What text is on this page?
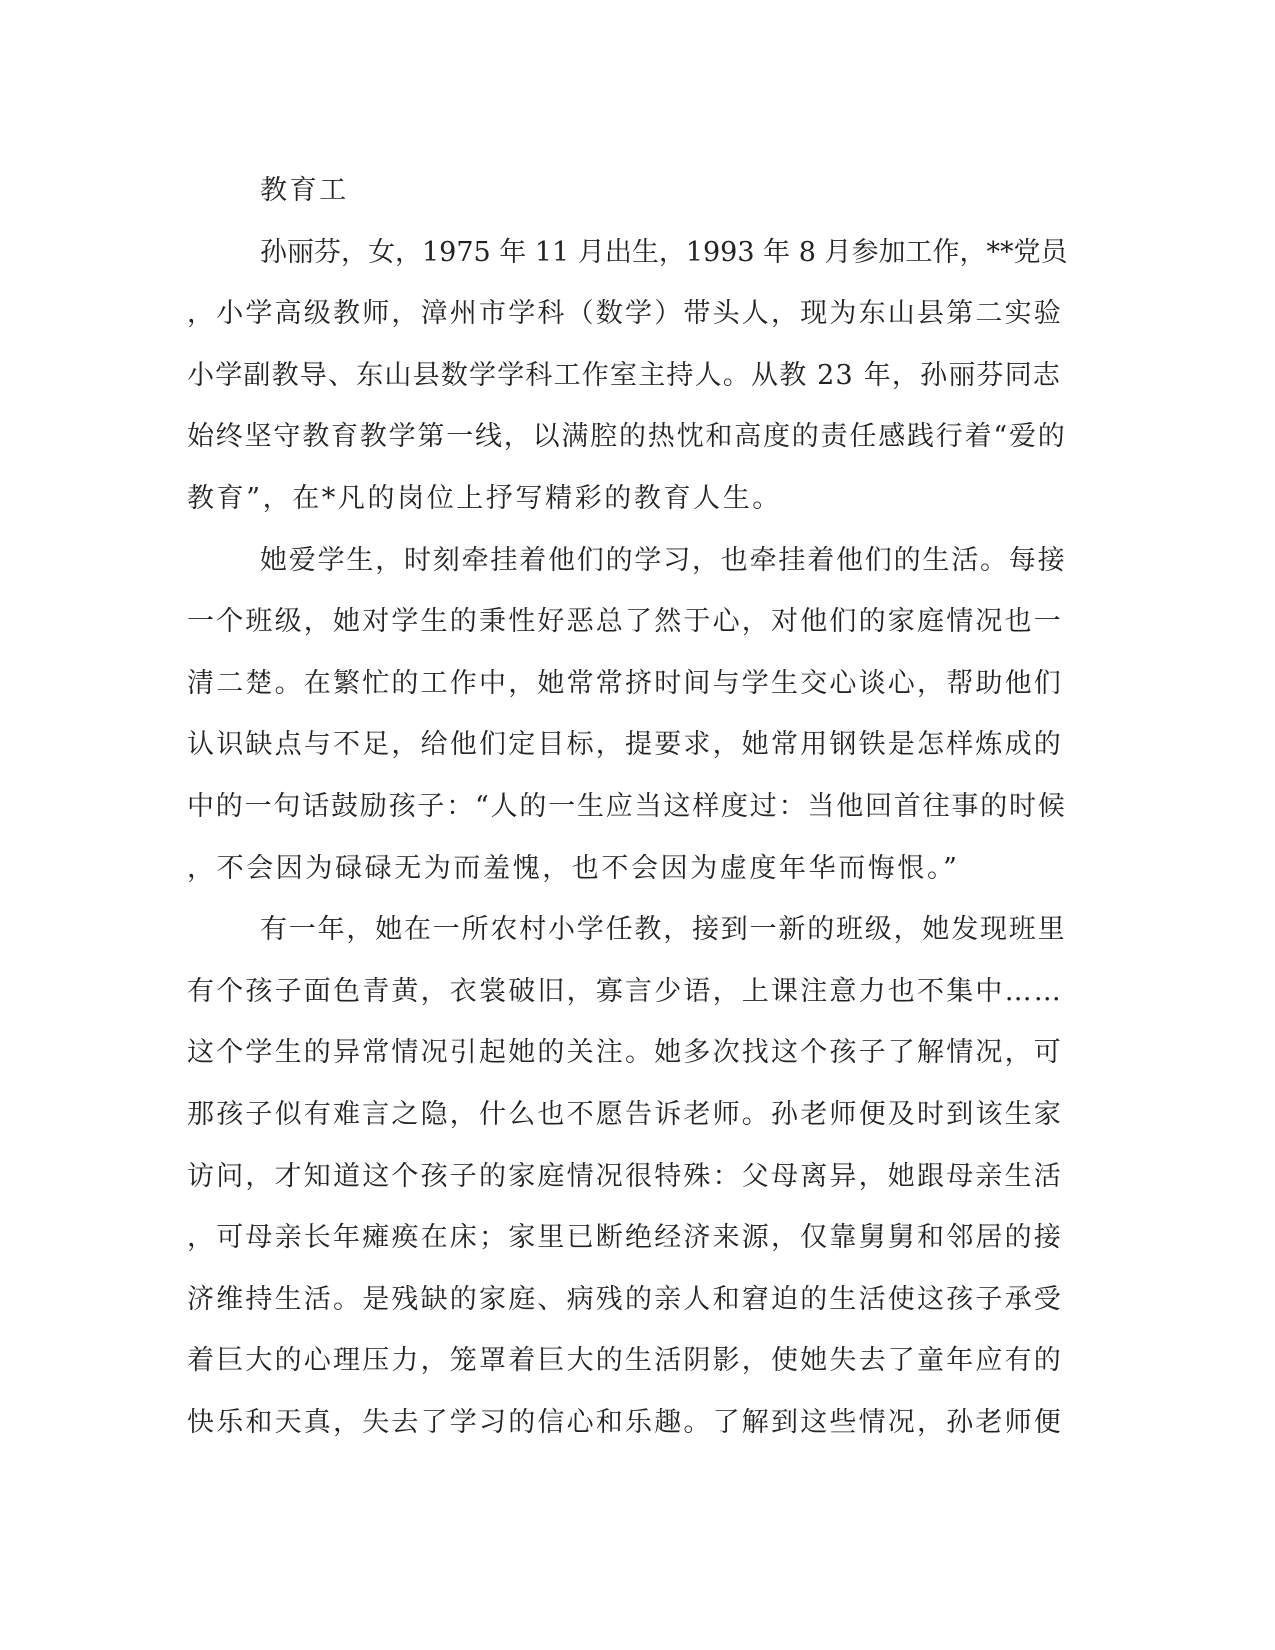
教育工
孙丽芬，女，1975 年 11 月出生，1993 年 8 月参加工作，**党员
，小学高级教师，漳州市学科（数学）带头人，现为东山县第二实验
小学副教导、东山县数学学科工作室主持人。从教 23 年，孙丽芬同志
始终坚守教育教学第一线，以满腔的热忱和高度的责任感践行着“爱的
教育”，在*凡的岗位上抒写精彩的教育人生。
她爱学生，时刻牵挂着他们的学习，也牵挂着他们的生活。每接
一个班级，她对学生的秉性好恶总了然于心，对他们的家庭情况也一
清二楚。在繁忙的工作中，她常常挤时间与学生交心谈心，帮助他们
认识缺点与不足，给他们定目标，提要求，她常用钢铁是怎样炼成的
中的一句话鼓励孩子：“人的一生应当这样度过：当他回首往事的时候
，不会因为碌碌无为而羞愧，也不会因为虚度年华而悔恨。”
有一年，她在一所农村小学任教，接到一新的班级，她发现班里
有个孩子面色青黄，衣裳破旧，寡言少语，上课注意力也不集中……
这个学生的异常情况引起她的关注。她多次找这个孩子了解情况，可
那孩子似有难言之隐，什么也不愿告诉老师。孙老师便及时到该生家
访问，才知道这个孩子的家庭情况很特殊：父母离异，她跟母亲生活
，可母亲长年瘫痪在床；家里已断绝经济来源，仅靠舅舅和邻居的接
济维持生活。是残缺的家庭、病残的亲人和窘迫的生活使这孩子承受
着巨大的心理压力，笼罩着巨大的生活阴影，使她失去了童年应有的
快乐和天真，失去了学习的信心和乐趣。了解到这些情况，孙老师便
